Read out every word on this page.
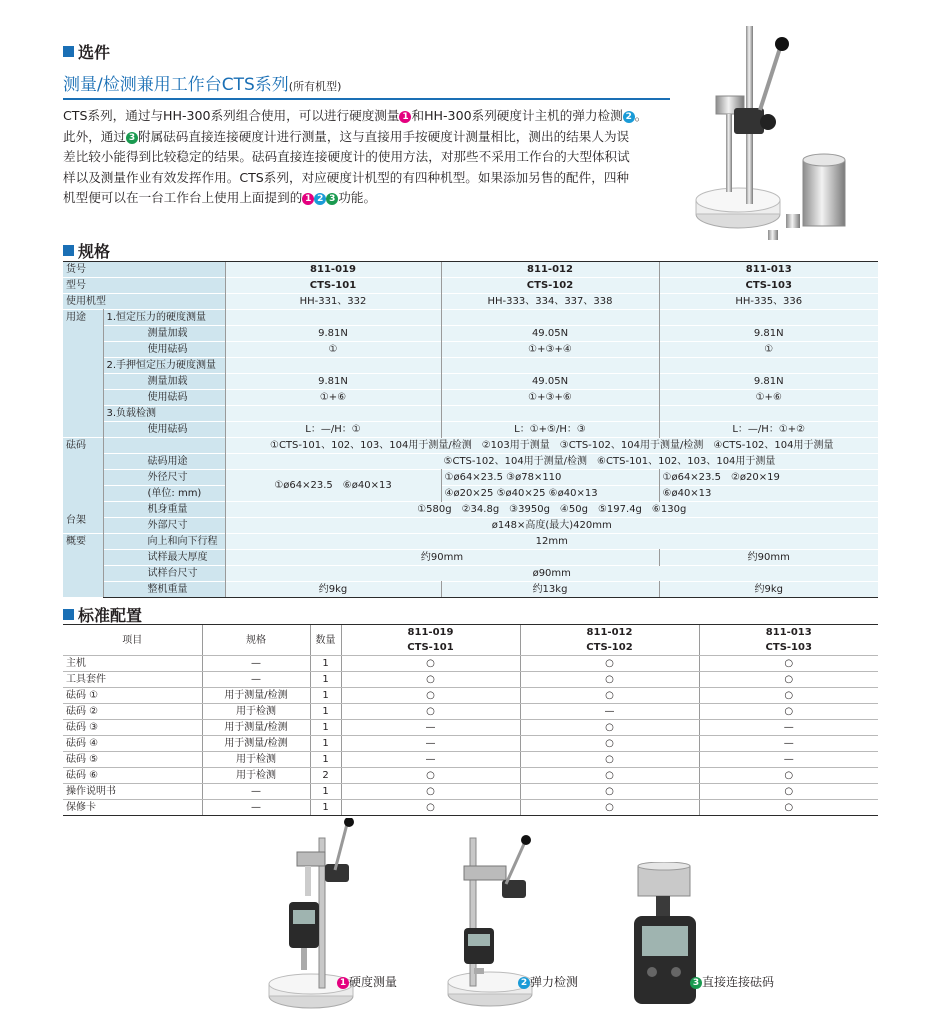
选件
测量/检测兼用工作台CTS系列(所有机型)
CTS系列，通过与HH-300系列组合使用，可以进行硬度测量 1 和HH-300系列硬度计主机的弹力检测 2 。
此外，通过 3 附属砝码直接连接硬度计进行测量，这与直接用手按硬度计测量相比，测出的结果人为误
差比较小能得到比较稳定的结果。砝码直接连接硬度计的使用方法，对那些不采用工作台的大型体积试
样以及测量作业有效发挥作用。CTS系列，对应硬度计机型的有四种机型。如果添加另售的配件，四种
机型便可以在一台工作台上使用上面提到的 1 2 3 功能。
规格
货号		811-019	811-012	811-013
型号		CTS-101	CTS-102	CTS-103
使用机型		HH-331、332	HH-333、334、337、338	HH-335、336
用途	1.恒定压力的硬度测量			
	测量加载	9.81N	49.05N	9.81N
	使用砝码	①	①+③+④	①
	2.手押恒定压力硬度测量			
	测量加载	9.81N	49.05N	9.81N
	使用砝码	①+⑥	①+③+⑥	①+⑥
	3.负载检测			
	使用砝码	L：—/H：①	L：①+⑤/H：③	L：—/H：①+②
砝码		①CTS-101、102、103、104用于测量/检测　②103用于测量　③CTS-102、104用于测量/检测　④CTS-102、104用于测量		
	砝码用途	⑤CTS-102、104用于测量/检测　⑥CTS-101、102、103、104用于测量		
	外径尺寸	①ø64×23.5　⑥ø40×13	①ø64×23.5 ③ø78×110	①ø64×23.5　②ø20×19
	(单位: mm)		④ø20×25 ⑤ø40×25 ⑥ø40×13	⑥ø40×13
	机身重量	①580g　②34.8g　③3950g　④50g　⑤197.4g　⑥130g		
	外部尺寸	ø148×高度(最大)420mm		
概要	向上和向下行程	12mm		
	试样最大厚度	约90mm		约90mm
	试样台尺寸	ø90mm		
	整机重量	约9kg	约13kg	约9kg
台架
标准配置
项目	规格	数量	811-019	811-012	811-013
			CTS-101	CTS-102	CTS-103
主机	—	1	○	○	○
工具套件	—	1	○	○	○
砝码 ①	用于测量/检测	1	○	○	○
砝码 ②	用于检测	1	○	—	○
砝码 ③	用于测量/检测	1	—	○	—
砝码 ④	用于测量/检测	1	—	○	—
砝码 ⑤	用于检测	1	—	○	—
砝码 ⑥	用于检测	2	○	○	○
操作说明书	—	1	○	○	○
保修卡	—	1	○	○	○
1 硬度测量	2 弹力检测	3 直接连接砝码
